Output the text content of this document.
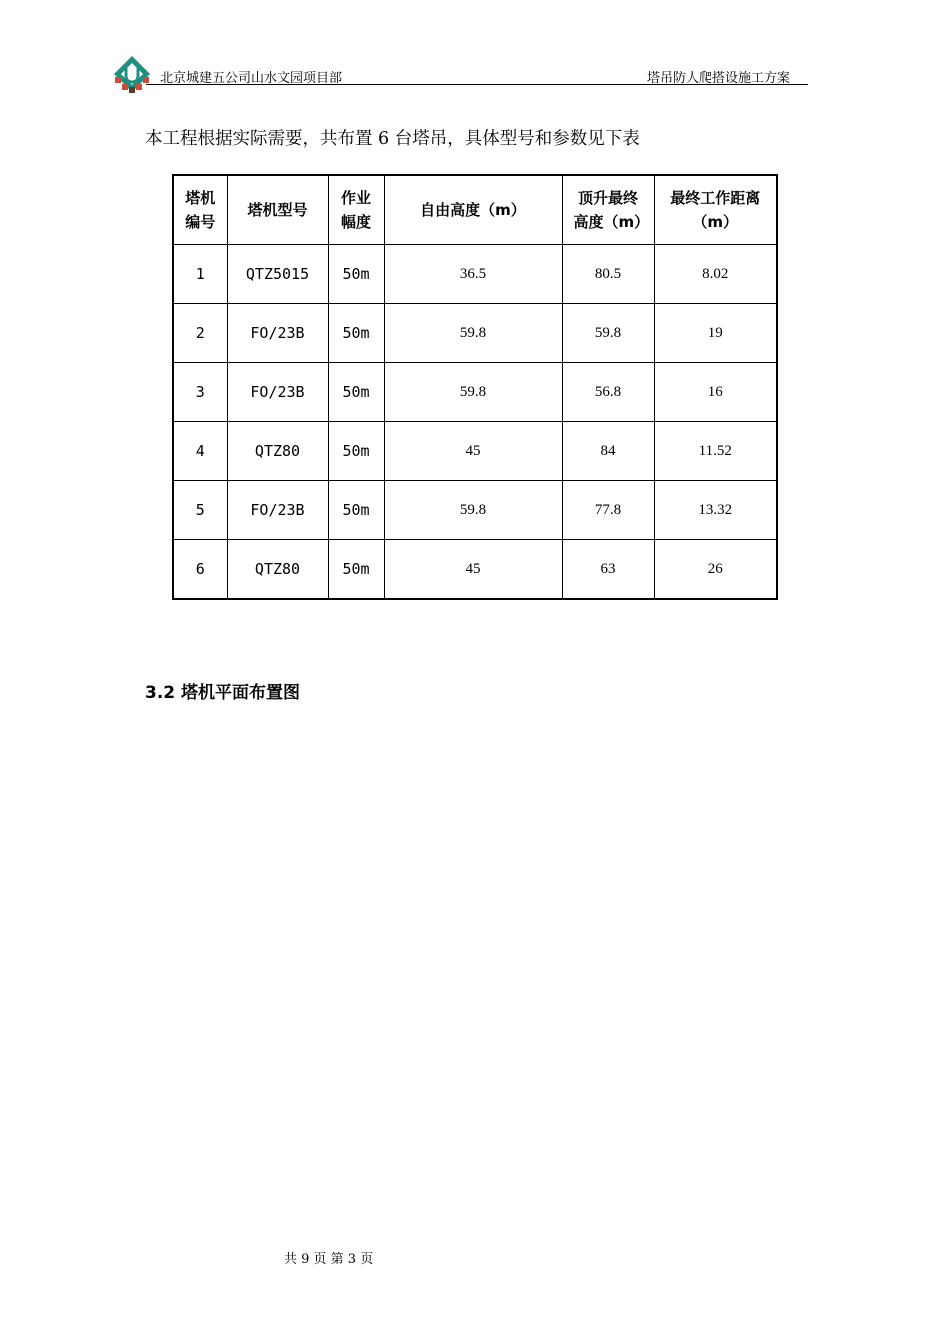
北京城建五公司山水文园项目部	塔吊防人爬搭设施工方案
本工程根据实际需要，共布置 6 台塔吊，具体型号和参数见下表
塔机编号	塔机型号	作业幅度	自由高度（m）	顶升最终高度（m）	最终工作距离（m）
1	QTZ5015	50m	36.5	80.5	8.02
2	FO/23B	50m	59.8	59.8	19
3	FO/23B	50m	59.8	56.8	16
4	QTZ80	50m	45	84	11.52
5	FO/23B	50m	59.8	77.8	13.32
6	QTZ80	50m	45	63	26
3.2 塔机平面布置图
共 9 页 第 3 页
